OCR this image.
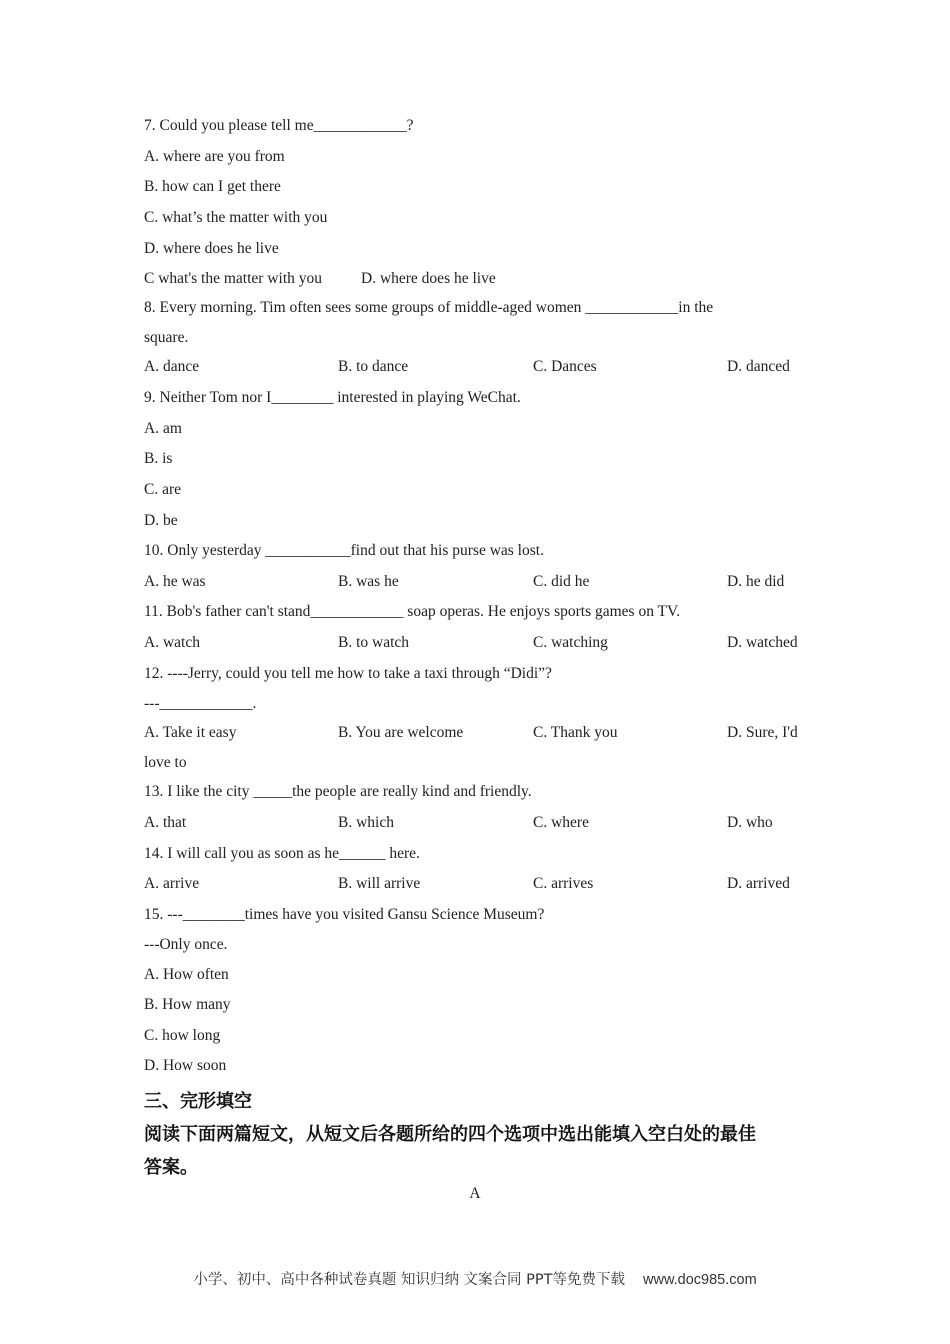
7. Could you please tell me____________?
A. where are you from
B. how can I get there
C. what’s the matter with you
D. where does he live
C what's the matter with you	D. where does he live
8. Every morning. Tim often sees some groups of middle-aged women ____________in the
square.
A. dance	B. to dance	C. Dances	D. danced
9. Neither Tom nor I________ interested in playing WeChat.
A. am
B. is
C. are
D. be
10. Only yesterday ___________find out that his purse was lost.
A. he was	B. was he	C. did he	D. he did
11. Bob's father can't stand____________ soap operas. He enjoys sports games on TV.
A. watch	B. to watch	C. watching	D. watched
12. ----Jerry, could you tell me how to take a taxi through “Didi”?
---____________.
A. Take it easy	B. You are welcome	C. Thank you	D. Sure, I'd
love to
13. I like the city _____the people are really kind and friendly.
A. that	B. which	C. where	D. who
14. I will call you as soon as he______ here.
A. arrive	B. will arrive	C. arrives	D. arrived
15. ---________times have you visited Gansu Science Museum?
---Only once.
A. How often
B. How many
C. how long
D. How soon
三、完形填空
阅读下面两篇短文，从短文后各题所给的四个选项中选出能填入空白处的最佳
答案。
A
小学、初中、高中各种试卷真题 知识归纳 文案合同 PPT等免费下载 www.doc985.com
